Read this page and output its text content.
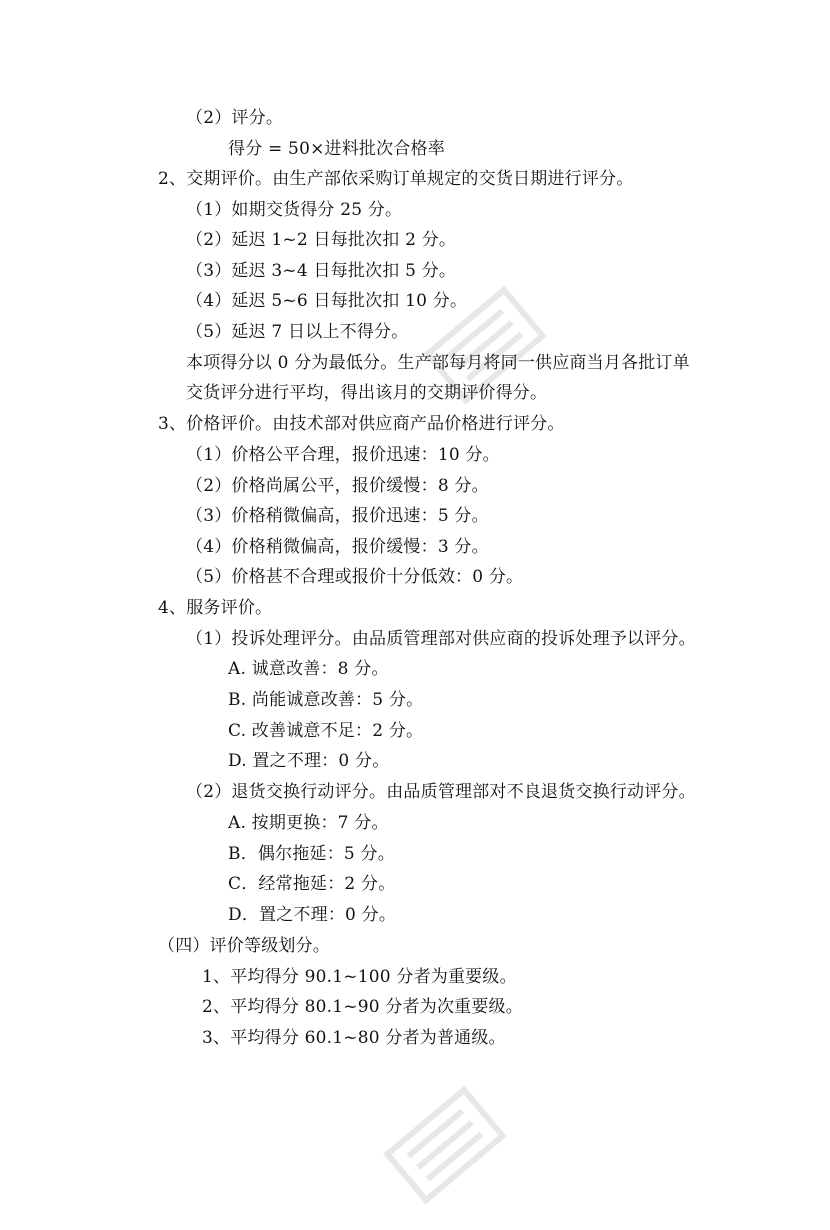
（2）评分。
得分 = 50×进料批次合格率
2、交期评价。由生产部依采购订单规定的交货日期进行评分。
（1）如期交货得分 25 分。
（2）延迟 1~2 日每批次扣 2 分。
（3）延迟 3~4 日每批次扣 5 分。
（4）延迟 5~6 日每批次扣 10 分。
（5）延迟 7 日以上不得分。
本项得分以 0 分为最低分。生产部每月将同一供应商当月各批订单
交货评分进行平均，得出该月的交期评价得分。
3、价格评价。由技术部对供应商产品价格进行评分。
（1）价格公平合理，报价迅速：10 分。
（2）价格尚属公平，报价缓慢：8 分。
（3）价格稍微偏高，报价迅速：5 分。
（4）价格稍微偏高，报价缓慢：3 分。
（5）价格甚不合理或报价十分低效：0 分。
4、服务评价。
（1）投诉处理评分。由品质管理部对供应商的投诉处理予以评分。
A. 诚意改善：8 分。
B. 尚能诚意改善：5 分。
C. 改善诚意不足：2 分。
D. 置之不理：0 分。
（2）退货交换行动评分。由品质管理部对不良退货交换行动评分。
A. 按期更换：7 分。
B．偶尔拖延：5 分。
C．经常拖延：2 分。
D．置之不理：0 分。
（四）评价等级划分。
1、平均得分 90.1~100 分者为重要级。
2、平均得分 80.1~90 分者为次重要级。
3、平均得分 60.1~80 分者为普通级。
